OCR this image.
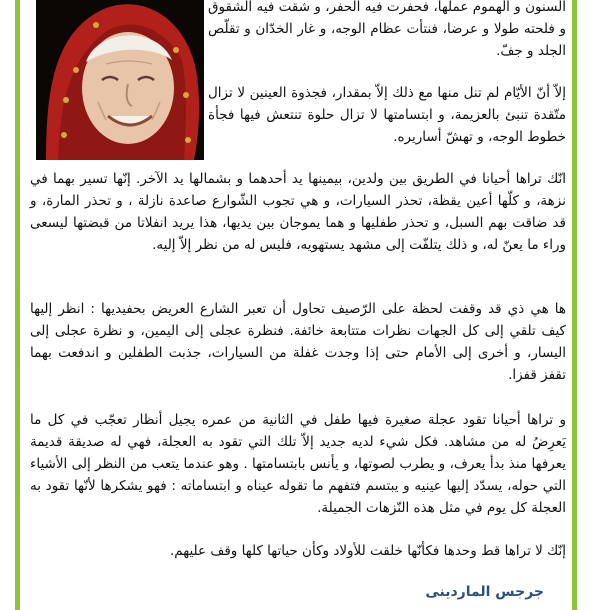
السنون و الهموم عملها، فحفرت فيه الحفر، و شقت فيه الشقوق و فلحته طولا و عرضا، فنتأت عظام الوجه، و غار الخدّان و تقلّص الجلد و جفّ.

إلاّ أنّ الأيّام لم تنل منها مع ذلك إلاّ بمقدار، فجذوة العينين لا تزال متّقدة تنبئ بالعزيمة، و ابتسامتها لا تزال حلوة تنتعش فيها فجأة خطوط الوجه، و تهشّ أساريره.

انّك تراها أحيانا في الطريق بين ولدين، بيمينها يد أحدهما و بشمالها يد الآخر. إنّها تسير بهما في نزهة، و كلّها أعين يقظة، تحذر السيارات، و هي تجوب الشّوارع صاعدة نازلة ، و تحذر المارة، و قد ضاقت بهم السبل، و تحذر طفليها و هما يموجان بين يديها، هذا يريد انفلاتا من قبضتها ليسعى وراء ما يعنّ له، و ذلك يتلفّت إلى مشهد يستهويه، فليس له من نظر إلاّ إليه.

ها هي ذي قد وقفت لحظة على الرّصيف تحاول أن تعبر الشارع العريض بحفيديها : انظر إليها كيف تلقي إلى كل الجهات نظرات متتابعة خائفة. فنظرة عجلى إلى اليمين، و نظرة عجلى إلى اليسار، و أخرى إلى الأمام حتى إذا وجدت غفلة من السيارات، جذبت الطفلين و اندفعت بهما تقفز قفزا.

و تراها أحيانا تقود عجلة صغيرة فيها طفل في الثانية من عمره يجيل أنظار تعجّب في كل ما يَعرِضُ له من مشاهد. فكل شيء لديه جديد إلاّ تلك التي تقود به العجلة، فهي له صديقة قديمة يعرفها منذ بدأ يعرف، و يطرب لصوتها، و يأنس بابتسامتها . وهو عندما يتعب من النظر إلى الأشياء التي حوله، يسدّد إليها عينيه و يبتسم فتفهم ما تقوله عيناه و ابتساماته : فهو يشكرها لأنّها تقود به العجلة كل يوم في مثل هذه النّزهات الجميلة.

إنّك لا تراها قط وحدها فكأنّها خلقت للأولاد وكأن حياتها كلها وقف عليهم.

جرجس الماردينى
